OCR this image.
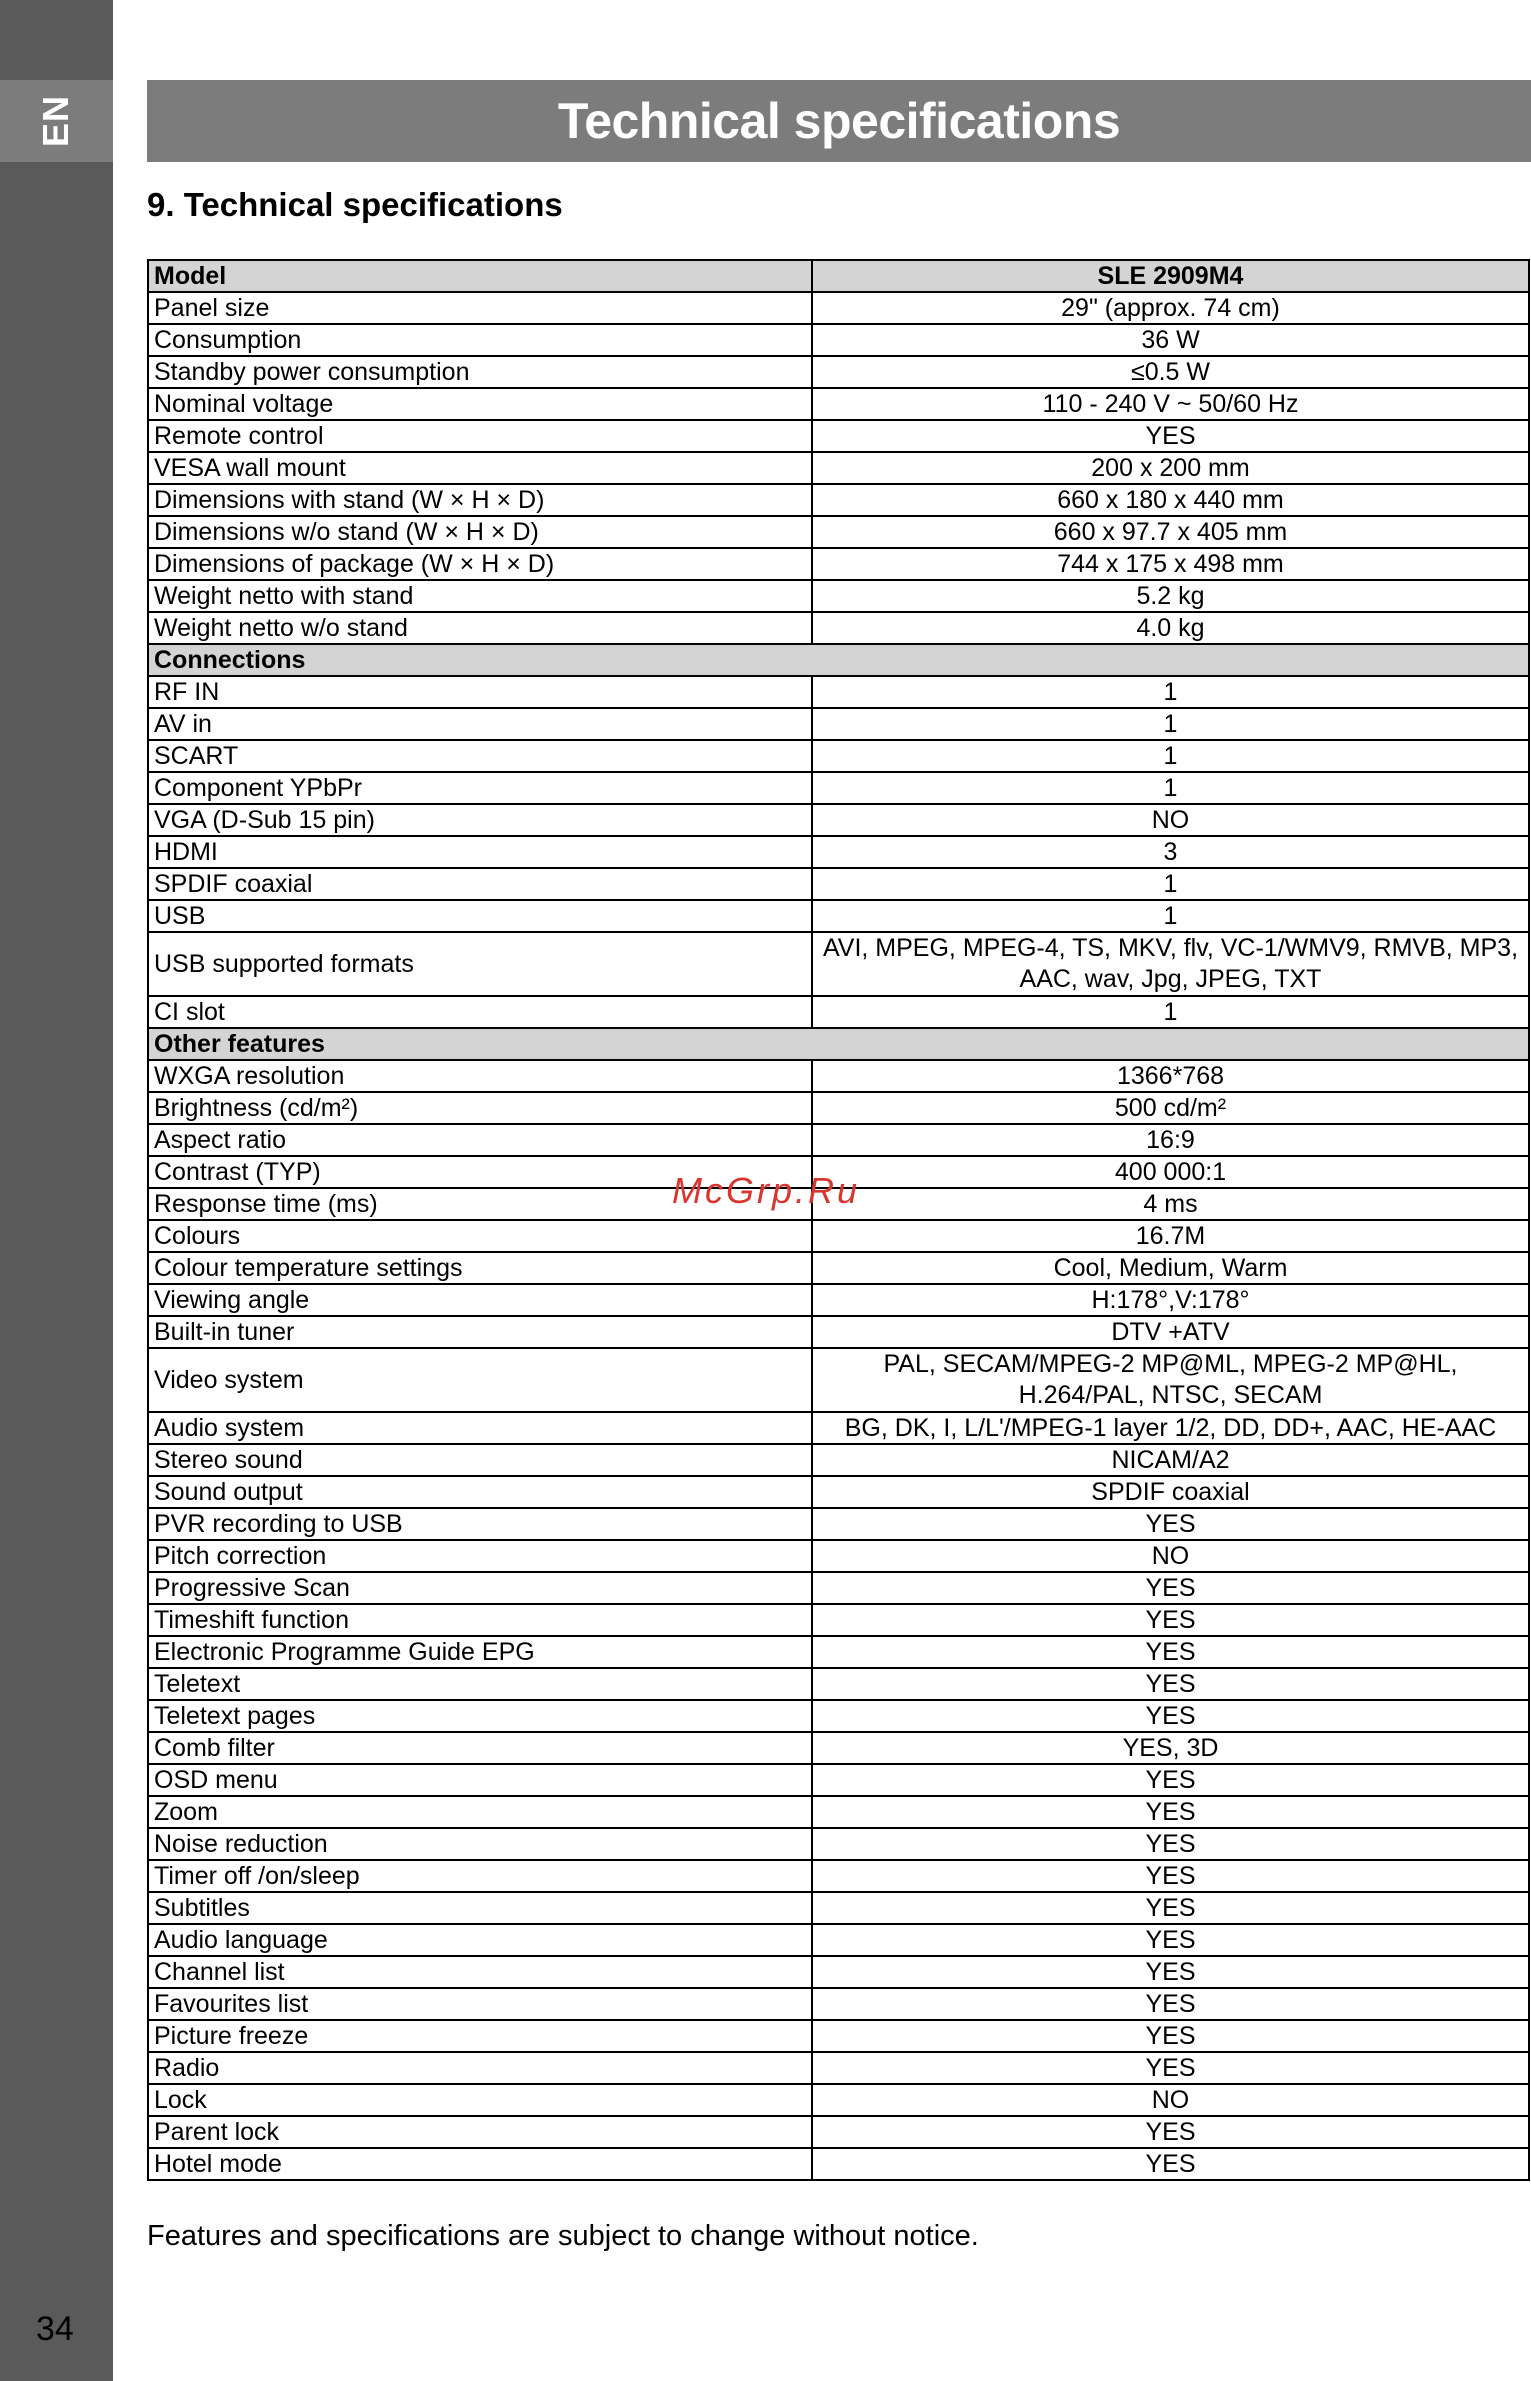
EN
34
Technical specifications
9. Technical specifications
Model	SLE 2909M4
Panel size	29" (approx. 74 cm)
Consumption	36 W
Standby power consumption	≤0.5 W
Nominal voltage	110 - 240 V ~ 50/60 Hz
Remote control	YES
VESA wall mount	200 x 200 mm
Dimensions with stand (W × H × D)	660 x 180 x 440 mm
Dimensions w/o stand (W × H × D)	660 x 97.7 x 405 mm
Dimensions of package (W × H × D)	744 x 175 x 498 mm
Weight netto with stand	5.2 kg
Weight netto w/o stand	4.0 kg
Connections	
RF IN	1
AV in	1
SCART	1
Component YPbPr	1
VGA (D-Sub 15 pin)	NO
HDMI	3
SPDIF coaxial	1
USB	1
USB supported formats	AVI, MPEG, MPEG-4, TS, MKV, flv, VC-1/WMV9, RMVB, MP3, AAC, wav, Jpg, JPEG, TXT
CI slot	1
Other features	
WXGA resolution	1366*768
Brightness (cd/m²)	500 cd/m²
Aspect ratio	16:9
Contrast (TYP)	400 000:1
Response time (ms)	4 ms
Colours	16.7M
Colour temperature settings	Cool, Medium, Warm
Viewing angle	H:178°,V:178°
Built-in tuner	DTV +ATV
Video system	PAL, SECAM/MPEG-2 MP@ML, MPEG-2 MP@HL, H.264/PAL, NTSC, SECAM
Audio system	BG, DK, I, L/L'/MPEG-1 layer 1/2, DD, DD+, AAC, HE-AAC
Stereo sound	NICAM/A2
Sound output	SPDIF coaxial
PVR recording to USB	YES
Pitch correction	NO
Progressive Scan	YES
Timeshift function	YES
Electronic Programme Guide EPG	YES
Teletext	YES
Teletext pages	YES
Comb filter	YES, 3D
OSD menu	YES
Zoom	YES
Noise reduction	YES
Timer off /on/sleep	YES
Subtitles	YES
Audio language	YES
Channel list	YES
Favourites list	YES
Picture freeze	YES
Radio	YES
Lock	NO
Parent lock	YES
Hotel mode	YES
McGrp.Ru
Features and specifications are subject to change without notice.
